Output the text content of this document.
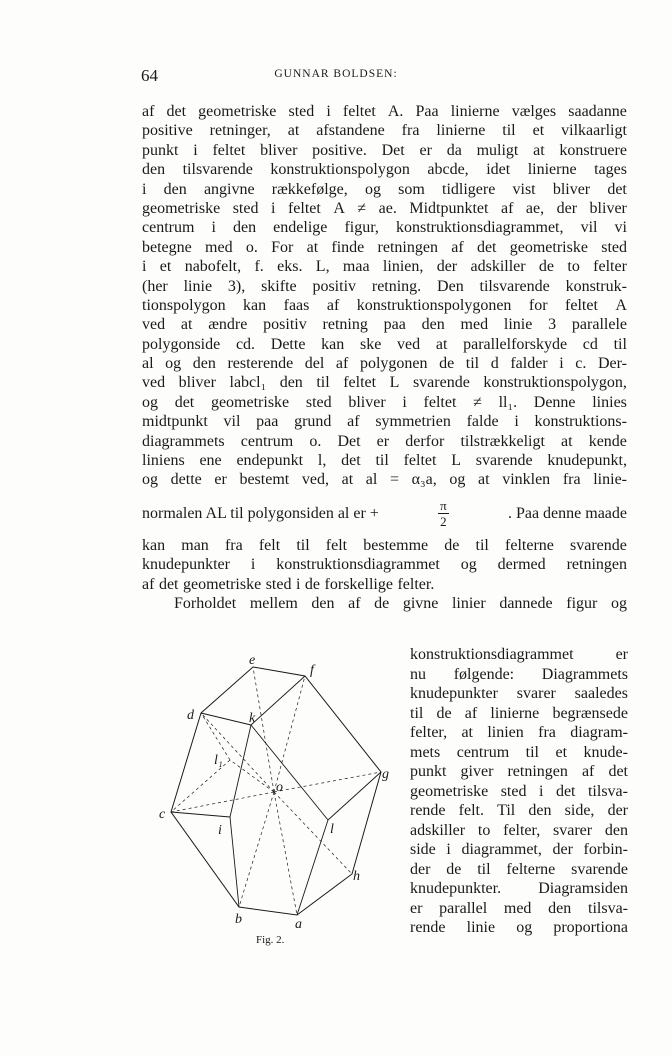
64	GUNNAR BOLDSEN:
af det geometriske sted i feltet A. Paa linierne vælges saadanne
positive retninger, at afstandene fra linierne til et vilkaarligt
punkt i feltet bliver positive. Det er da muligt at konstruere
den tilsvarende konstruktionspolygon abcde, idet linierne tages
i den angivne rækkefølge, og som tidligere vist bliver det
geometriske sted i feltet A ≠ ae. Midtpunktet af ae, der bliver
centrum i den endelige figur, konstruktionsdiagrammet, vil vi
betegne med o. For at finde retningen af det geometriske sted
i et nabofelt, f. eks. L, maa linien, der adskiller de to felter
(her linie 3), skifte positiv retning. Den tilsvarende konstruk-
tionspolygon kan faas af konstruktionspolygonen for feltet A
ved at ændre positiv retning paa den med linie 3 parallele
polygonside cd. Dette kan ske ved at parallelforskyde cd til
al og den resterende del af polygonen de til d falder i c. Der-
ved bliver labcl₁ den til feltet L svarende konstruktionspolygon,
og det geometriske sted bliver i feltet ≠ ll₁. Denne linies
midtpunkt vil paa grund af symmetrien falde i konstruktions-
diagrammets centrum o. Det er derfor tilstrækkeligt at kende
liniens ene endepunkt l, det til feltet L svarende knudepunkt,
og dette er bestemt ved, at al = α₃a, og at vinklen fra linie-
normalen AL til polygonsiden al er +	$\frac{\pi}{2}$	. Paa denne maade
kan man fra felt til felt bestemme de til felterne svarende
knudepunkter i konstruktionsdiagrammet og dermed retningen
af det geometriske sted i de forskellige felter.
Forholdet mellem den af de givne linier dannede figur og
konstruktionsdiagrammet	er
nu følgende: Diagrammets
knudepunkter svarer saaledes
til de af linierne begrænsede
felter, at linien fra diagram-
mets centrum til et knude-
punkt giver retningen af det
geometriske sted i det tilsva-
rende felt. Til den side, der
adskiller to felter, svarer den
side i diagrammet, der forbin-
der de til felterne svarende
knudepunkter. Diagramsiden
er parallel med den tilsva-
rende linie og proportiona
e
f
d	k
l₁
g
o
c
i	l
h
b	a
Fig. 2.
